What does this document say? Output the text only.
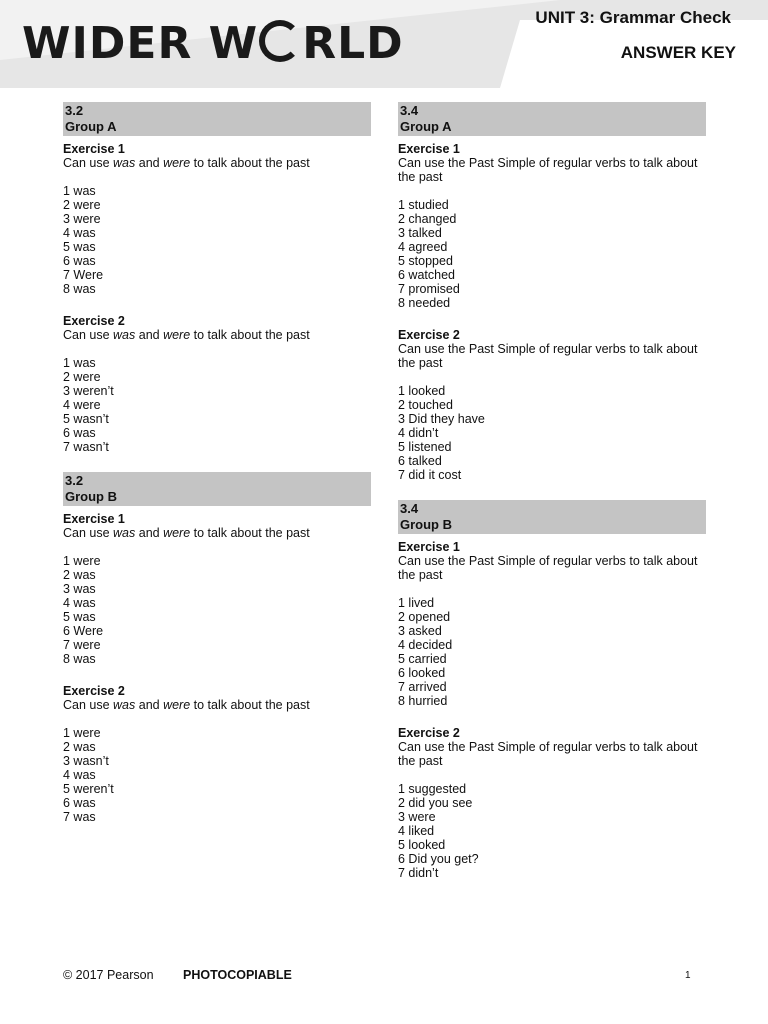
WIDER W RLD
UNIT 3: Grammar Check
ANSWER KEY
3.2
Group A
Exercise 1
Can use was and were to talk about the past
1 was
2 were
3 were
4 was
5 was
6 was
7 Were
8 was
Exercise 2
Can use was and were to talk about the past
1 was
2 were
3 weren’t
4 were
5 wasn’t
6 was
7 wasn’t
3.2
Group B
Exercise 1
Can use was and were to talk about the past
1 were
2 was
3 was
4 was
5 was
6 Were
7 were
8 was
Exercise 2
Can use was and were to talk about the past
1 were
2 was
3 wasn’t
4 was
5 weren’t
6 was
7 was
3.4
Group A
Exercise 1
Can use the Past Simple of regular verbs to talk about the past
1 studied
2 changed
3 talked
4 agreed
5 stopped
6 watched
7 promised
8 needed
Exercise 2
Can use the Past Simple of regular verbs to talk about the past
1 looked
2 touched
3 Did they have
4 didn’t
5 listened
6 talked
7 did it cost
3.4
Group B
Exercise 1
Can use the Past Simple of regular verbs to talk about the past
1 lived
2 opened
3 asked
4 decided
5 carried
6 looked
7 arrived
8 hurried
Exercise 2
Can use the Past Simple of regular verbs to talk about the past
1 suggested
2 did you see
3 were
4 liked
5 looked
6 Did you get?
7 didn’t
© 2017 Pearson PHOTOCOPIABLE	1
